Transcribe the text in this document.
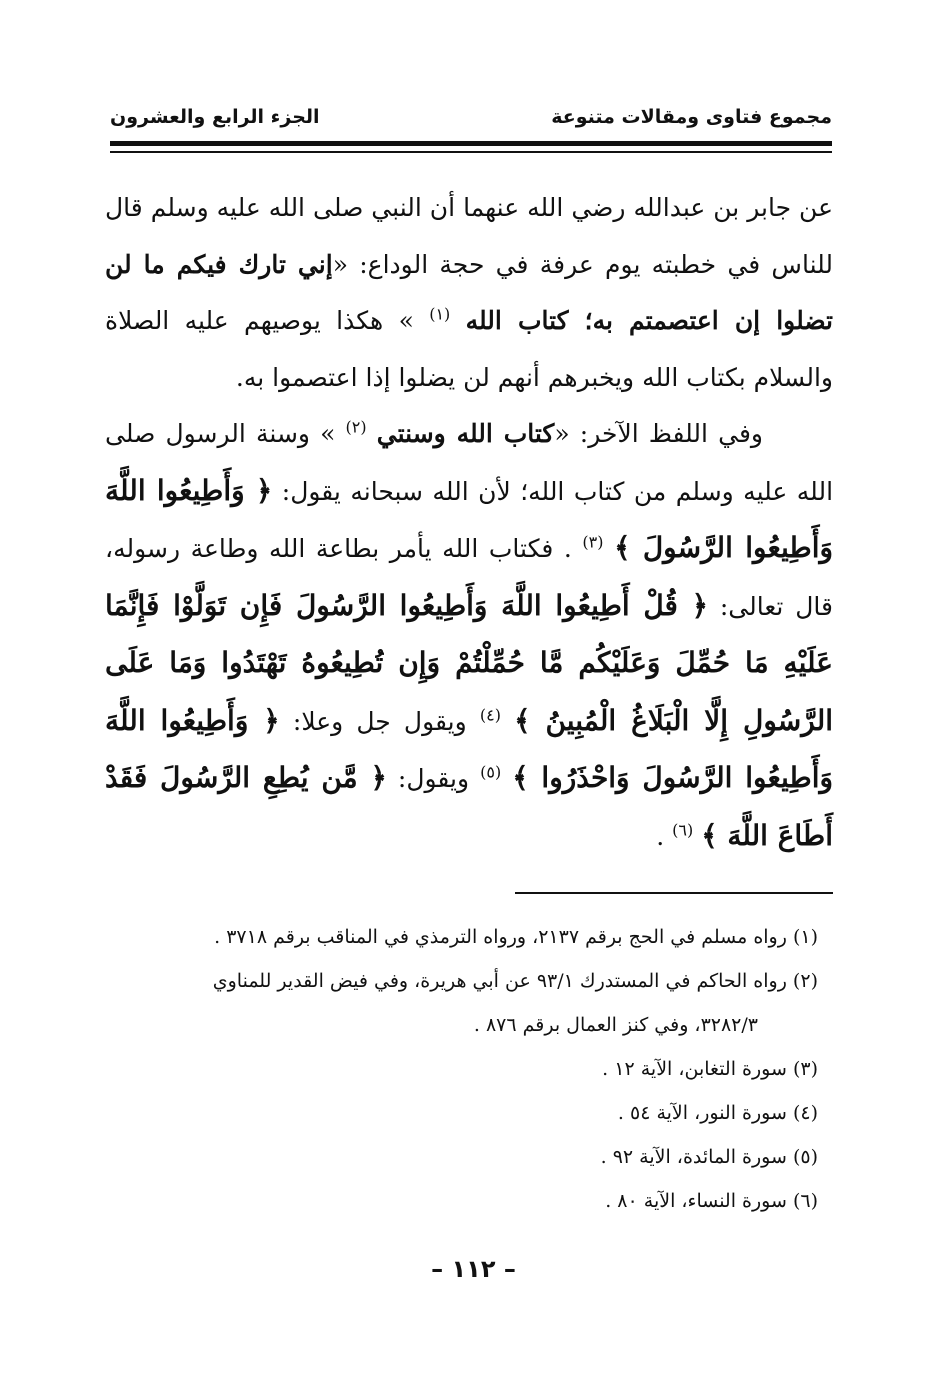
مجموع فتاوى ومقالات متنوعة
الجزء الرابع والعشرون

عن جابر بن عبدالله رضي الله عنهما أن النبي صلى الله عليه وسلم قال للناس في خطبته يوم عرفة في حجة الوداع: «إني تارك فيكم ما لن تضلوا إن اعتصمتم به؛ كتاب الله $^{(١)}$ » هكذا يوصيهم عليه الصلاة والسلام بكتاب الله ويخبرهم أنهم لن يضلوا إذا اعتصموا به.

وفي اللفظ الآخر: «كتاب الله وسنتي $^{(٢)}$ » وسنة الرسول صلى الله عليه وسلم من كتاب الله؛ لأن الله سبحانه يقول: ﴿ وَأَطِيعُوا اللَّهَ وَأَطِيعُوا الرَّسُولَ ﴾ $^{(٣)}$ . فكتاب الله يأمر بطاعة الله وطاعة رسوله، قال تعالى: ﴿ قُلْ أَطِيعُوا اللَّهَ وَأَطِيعُوا الرَّسُولَ فَإِن تَوَلَّوْا فَإِنَّمَا عَلَيْهِ مَا حُمِّلَ وَعَلَيْكُم مَّا حُمِّلْتُمْ وَإِن تُطِيعُوهُ تَهْتَدُوا وَمَا عَلَى الرَّسُولِ إِلَّا الْبَلَاغُ الْمُبِينُ ﴾ $^{(٤)}$ ويقول جل وعلا: ﴿ وَأَطِيعُوا اللَّهَ وَأَطِيعُوا الرَّسُولَ وَاحْذَرُوا ﴾ $^{(٥)}$ ويقول: ﴿ مَّن يُطِعِ الرَّسُولَ فَقَدْ أَطَاعَ اللَّهَ ﴾ $^{(٦)}$ .

(١) رواه مسلم في الحج برقم ٢١٣٧، ورواه الترمذي في المناقب برقم ٣٧١٨ .

(٢) رواه الحاكم في المستدرك ٩٣/١ عن أبي هريرة، وفي فيض القدير للمناوي

٣٢٨٢/٣، وفي كنز العمال برقم ٨٧٦ .

(٣) سورة التغابن، الآية ١٢ .

(٤) سورة النور، الآية ٥٤ .

(٥) سورة المائدة، الآية ٩٢ .

(٦) سورة النساء، الآية ٨٠ .

– ١١٢ –
